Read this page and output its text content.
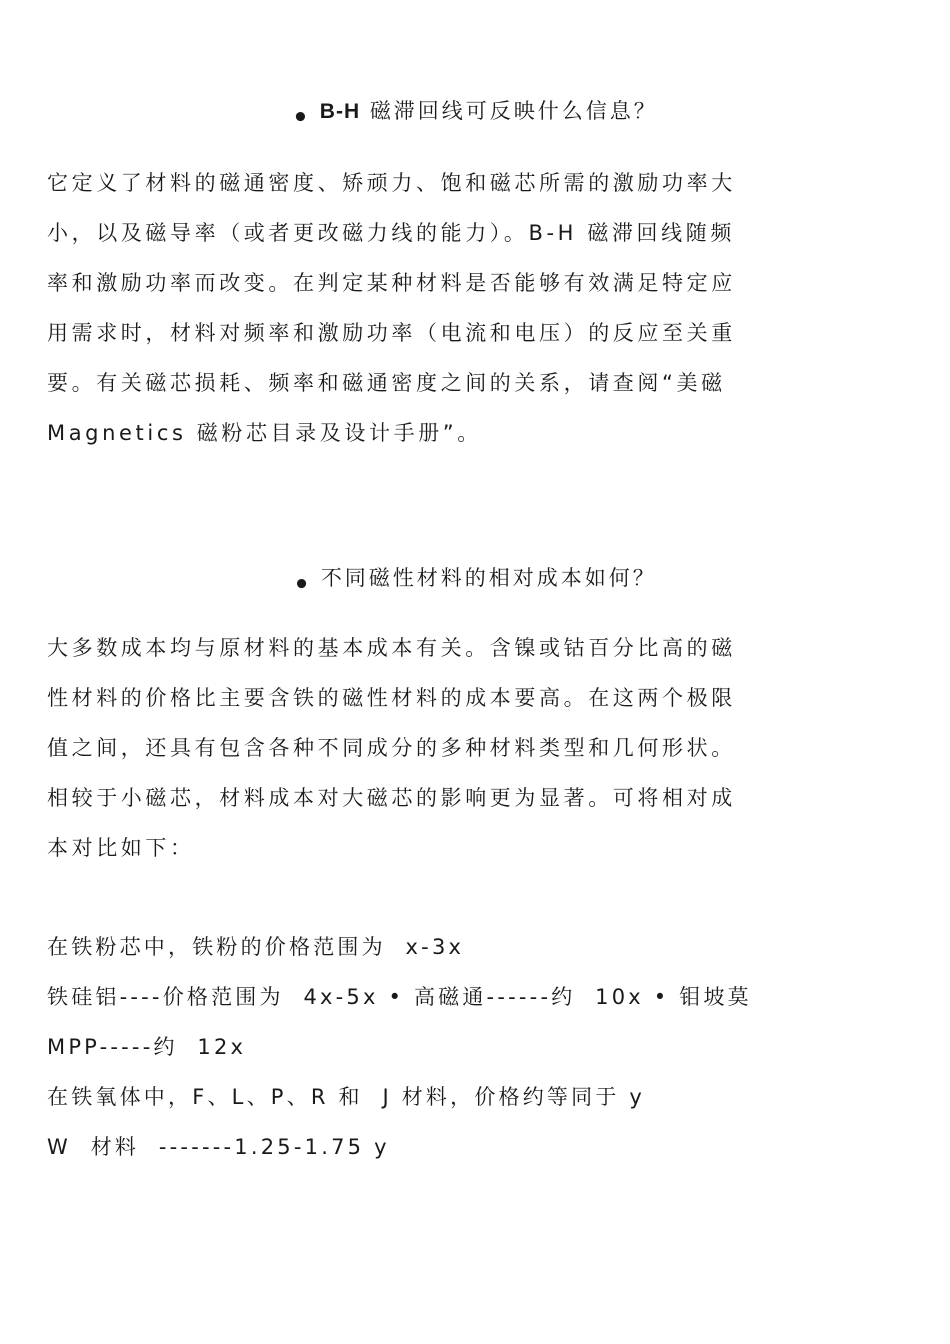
• B-H 磁滞回线可反映什么信息？
它定义了材料的磁通密度、矫顽力、饱和磁芯所需的激励功率大
小，以及磁导率（或者更改磁力线的能力）。B-H 磁滞回线随频
率和激励功率而改变。在判定某种材料是否能够有效满足特定应
用需求时，材料对频率和激励功率（电流和电压）的反应至关重
要。有关磁芯损耗、频率和磁通密度之间的关系，请查阅“美磁
Magnetics 磁粉芯目录及设计手册”。
• 不同磁性材料的相对成本如何？
大多数成本均与原材料的基本成本有关。含镍或钴百分比高的磁
性材料的价格比主要含铁的磁性材料的成本要高。在这两个极限
值之间，还具有包含各种不同成分的多种材料类型和几何形状。
相较于小磁芯，材料成本对大磁芯的影响更为显著。可将相对成
本对比如下：
在铁粉芯中，铁粉的价格范围为  x-3x
铁硅铝----价格范围为  4x-5x • 高磁通------约  10x • 钼坡莫
MPP-----约  12x
在铁氧体中，F、L、P、R 和  J 材料，价格约等同于 y
W  材料  -------1.25-1.75 y
